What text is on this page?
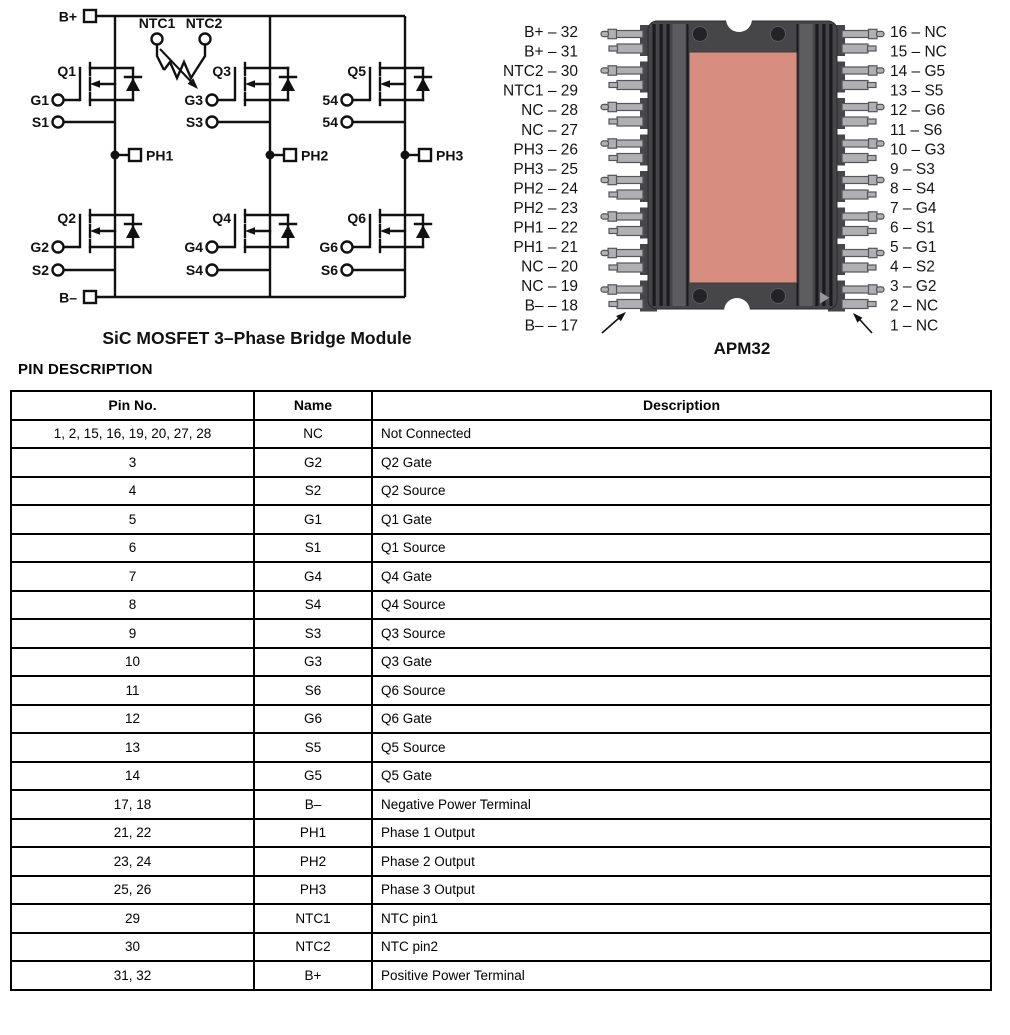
B+
B–
NTC1 NTC2
Q1
G1
S1
Q2
G2
S2
Q3
G3
S3
Q4
G4
S4
Q5
54
54
Q6
G6
S6
PH1	PH2	PH3
SiC MOSFET 3–Phase Bridge Module
B+ – 32
B+ – 31
NTC2 – 30
NTC1 – 29
NC – 28
NC – 27
PH3 – 26
PH3 – 25
PH2 – 24
PH2 – 23
PH1 – 22
PH1 – 21
NC – 20
NC – 19
B– – 18
B– – 17
16 – NC
15 – NC
14 – G5
13 – S5
12 – G6
11 – S6
10 – G3
9 – S3
8 – S4
7 – G4
6 – S1
5 – G1
4 – S2
3 – G2
2 – NC
1 – NC
APM32
PIN DESCRIPTION
Pin No.	Name	Description
1, 2, 15, 16, 19, 20, 27, 28	NC	Not Connected
3	G2	Q2 Gate
4	S2	Q2 Source
5	G1	Q1 Gate
6	S1	Q1 Source
7	G4	Q4 Gate
8	S4	Q4 Source
9	S3	Q3 Source
10	G3	Q3 Gate
11	S6	Q6 Source
12	G6	Q6 Gate
13	S5	Q5 Source
14	G5	Q5 Gate
17, 18	B–	Negative Power Terminal
21, 22	PH1	Phase 1 Output
23, 24	PH2	Phase 2 Output
25, 26	PH3	Phase 3 Output
29	NTC1	NTC pin1
30	NTC2	NTC pin2
31, 32	B+	Positive Power Terminal
